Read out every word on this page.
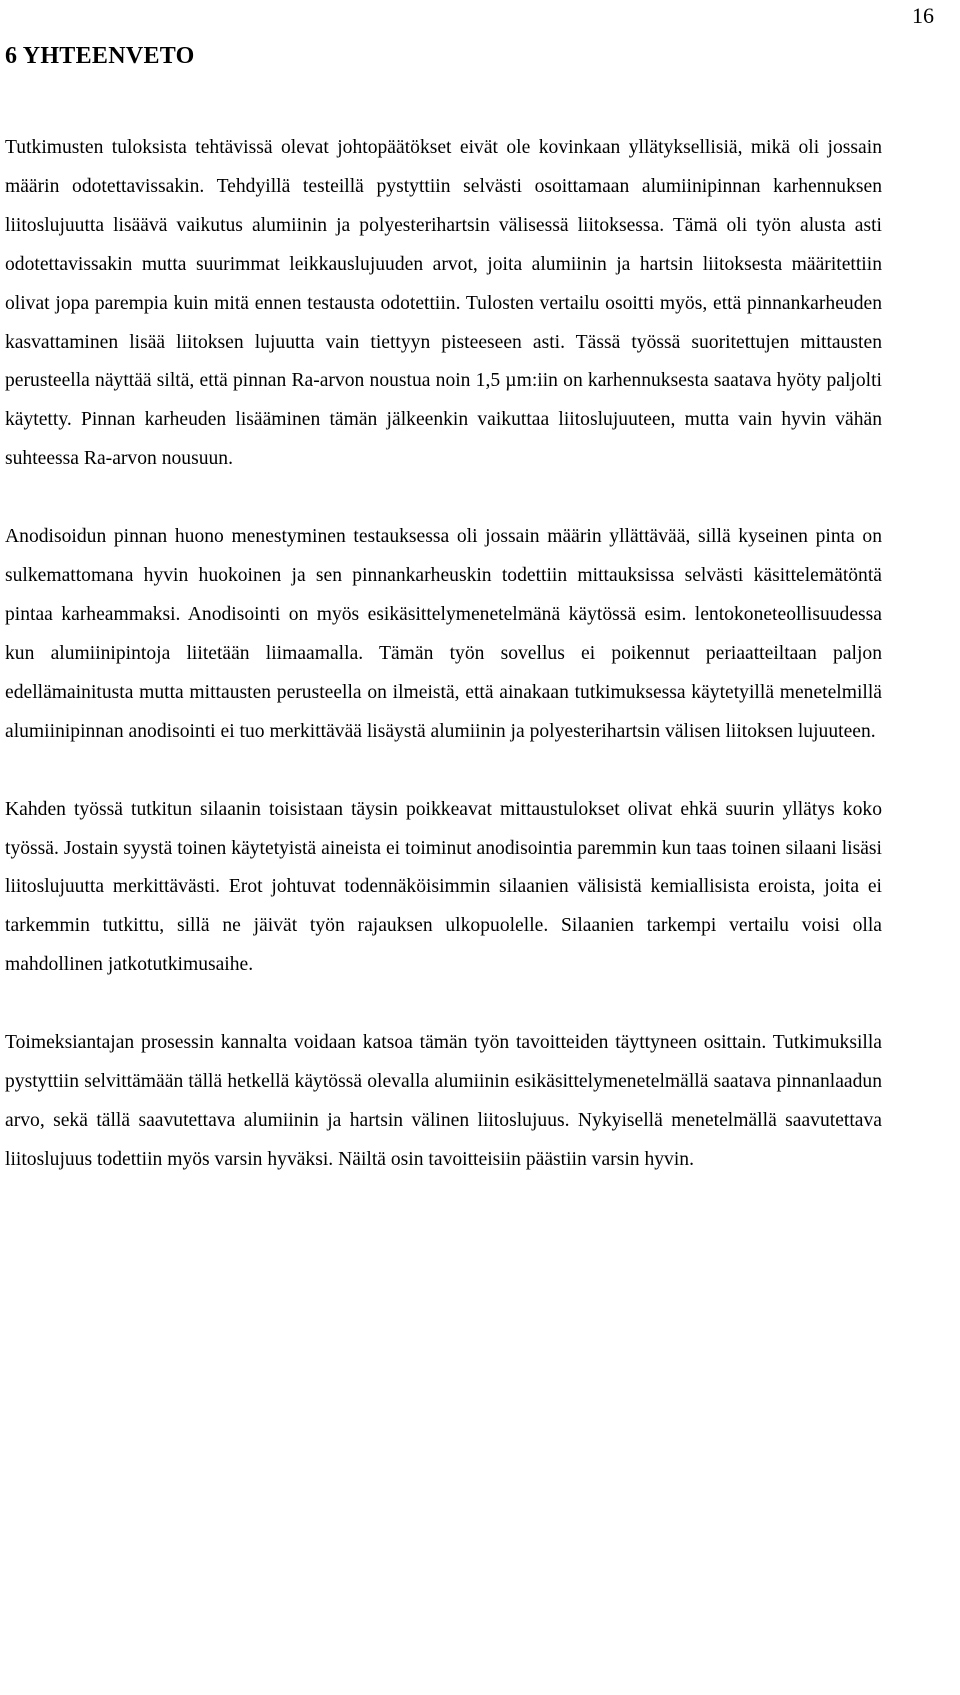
16
6 YHTEENVETO

Tutkimusten tuloksista tehtävissä olevat johtopäätökset eivät ole kovinkaan yllätyksellisiä, mikä oli jossain määrin odotettavissakin. Tehdyillä testeillä pystyttiin selvästi osoittamaan alumiinipinnan karhennuksen liitoslujuutta lisäävä vaikutus alumiinin ja polyesterihartsin välisessä liitoksessa. Tämä oli työn alusta asti odotettavissakin mutta suurimmat leikkauslujuuden arvot, joita alumiinin ja hartsin liitoksesta määritettiin olivat jopa parempia kuin mitä ennen testausta odotettiin. Tulosten vertailu osoitti myös, että pinnankarheuden kasvattaminen lisää liitoksen lujuutta vain tiettyyn pisteeseen asti. Tässä työssä suoritettujen mittausten perusteella näyttää siltä, että pinnan Ra-arvon noustua noin 1,5 µm:iin on karhennuksesta saatava hyöty paljolti käytetty. Pinnan karheuden lisääminen tämän jälkeenkin vaikuttaa liitoslujuuteen, mutta vain hyvin vähän suhteessa Ra-arvon nousuun.

Anodisoidun pinnan huono menestyminen testauksessa oli jossain määrin yllättävää, sillä kyseinen pinta on sulkemattomana hyvin huokoinen ja sen pinnankarheuskin todettiin mittauksissa selvästi käsittelemätöntä pintaa karheammaksi. Anodisointi on myös esikäsittelymenetelmänä käytössä esim. lentokoneteollisuudessa kun alumiinipintoja liitetään liimaamalla. Tämän työn sovellus ei poikennut periaatteiltaan paljon edellämainitusta mutta mittausten perusteella on ilmeistä, että ainakaan tutkimuksessa käytetyillä menetelmillä alumiinipinnan anodisointi ei tuo merkittävää lisäystä alumiinin ja polyesterihartsin välisen liitoksen lujuuteen.

Kahden työssä tutkitun silaanin toisistaan täysin poikkeavat mittaustulokset olivat ehkä suurin yllätys koko työssä. Jostain syystä toinen käytetyistä aineista ei toiminut anodisointia paremmin kun taas toinen silaani lisäsi liitoslujuutta merkittävästi. Erot johtuvat todennäköisimmin silaanien välisistä kemiallisista eroista, joita ei tarkemmin tutkittu, sillä ne jäivät työn rajauksen ulkopuolelle. Silaanien tarkempi vertailu voisi olla mahdollinen jatkotutkimusaihe.

Toimeksiantajan prosessin kannalta voidaan katsoa tämän työn tavoitteiden täyttyneen osittain. Tutkimuksilla pystyttiin selvittämään tällä hetkellä käytössä olevalla alumiinin esikäsittelymenetelmällä saatava pinnanlaadun arvo, sekä tällä saavutettava alumiinin ja hartsin välinen liitoslujuus. Nykyisellä menetelmällä saavutettava liitoslujuus todettiin myös varsin hyväksi. Näiltä osin tavoitteisiin päästiin varsin hyvin.
